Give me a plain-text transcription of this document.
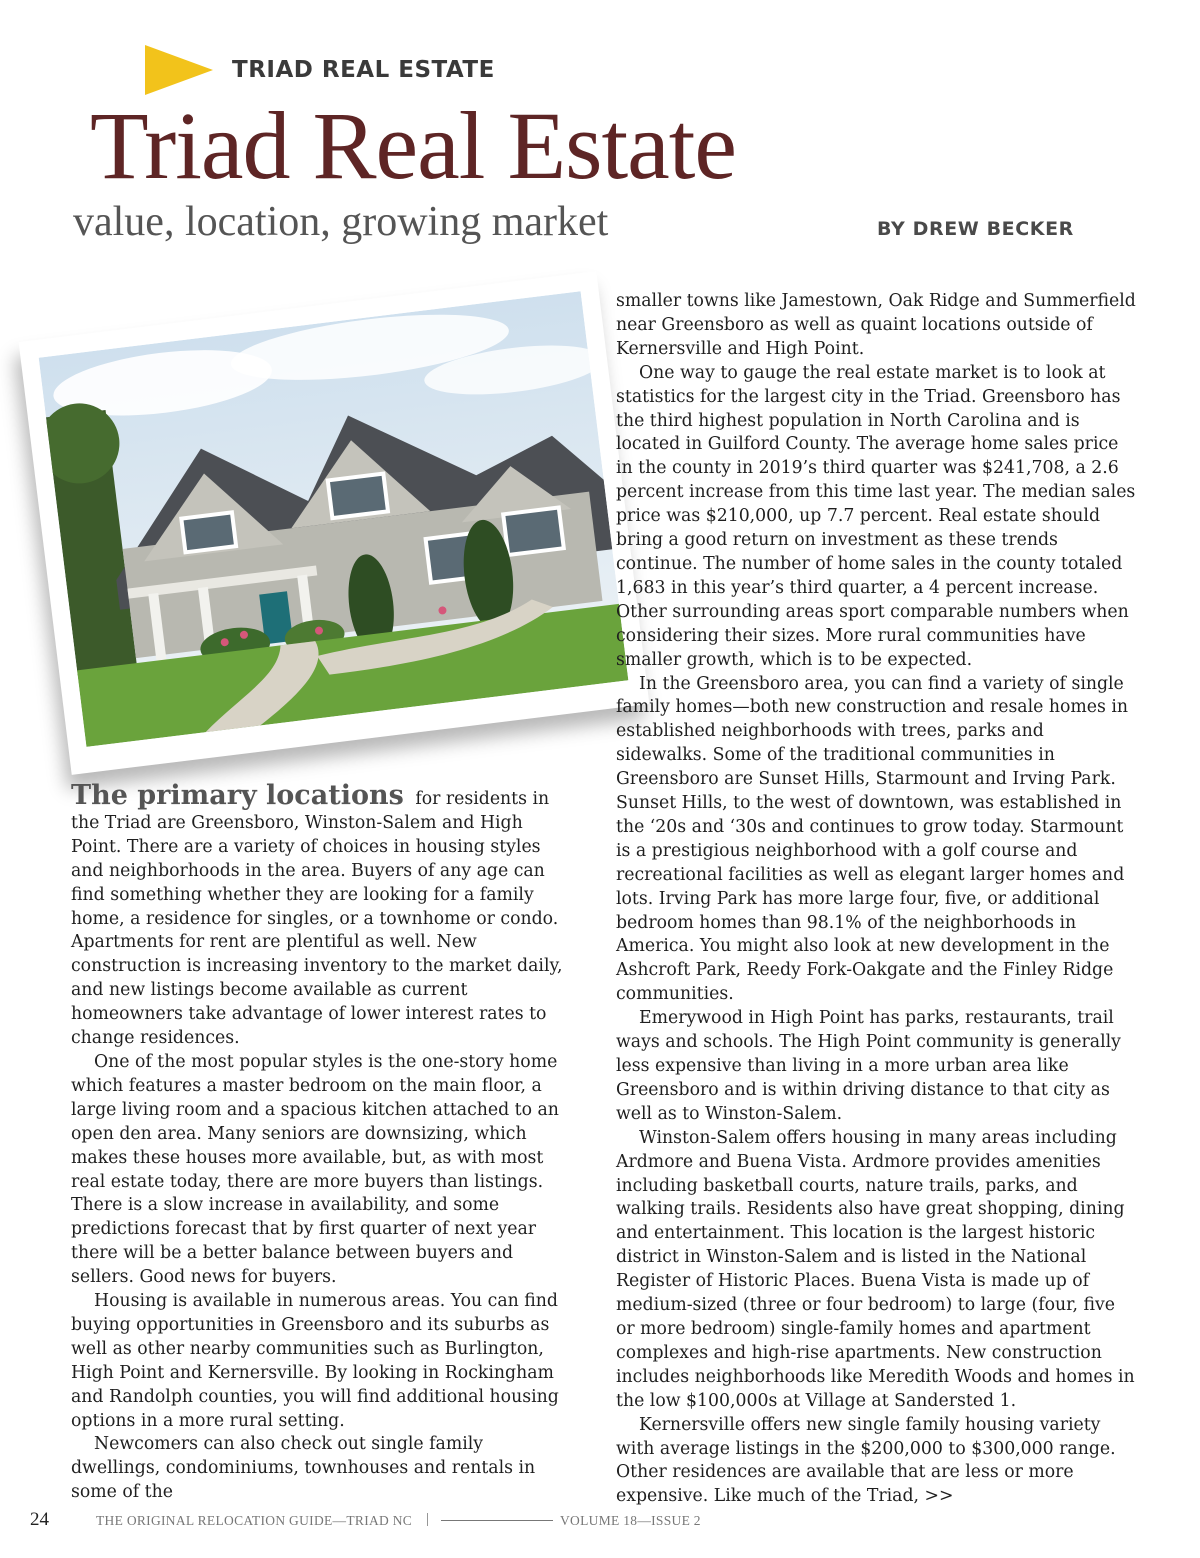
TRIAD REAL ESTATE
Triad Real Estate
value, location, growing market	BY DREW BECKER

The primary locations for residents in the Triad are Greensboro, Winston-Salem and High Point. There are a variety of choices in housing styles and neighborhoods in the area. Buyers of any age can find something whether they are looking for a family home, a residence for singles, or a townhome or condo. Apartments for rent are plentiful as well. New construction is increasing inventory to the market daily, and new listings become available as current homeowners take advantage of lower interest rates to change residences.

One of the most popular styles is the one-story home which features a master bedroom on the main floor, a large living room and a spacious kitchen attached to an open den area. Many seniors are downsizing, which makes these houses more available, but, as with most real estate today, there are more buyers than listings. There is a slow increase in availability, and some predictions forecast that by first quarter of next year there will be a better balance between buyers and sellers. Good news for buyers.

Housing is available in numerous areas. You can find buying opportunities in Greensboro and its suburbs as well as other nearby communities such as Burlington, High Point and Kernersville. By looking in Rockingham and Randolph counties, you will find additional housing options in a more rural setting.

Newcomers can also check out single family dwellings, condominiums, townhouses and rentals in some of the

smaller towns like Jamestown, Oak Ridge and Summerfield near Greensboro as well as quaint locations outside of Kernersville and High Point.

One way to gauge the real estate market is to look at statistics for the largest city in the Triad. Greensboro has the third highest population in North Carolina and is located in Guilford County. The average home sales price in the county in 2019’s third quarter was $241,708, a 2.6 percent increase from this time last year. The median sales price was $210,000, up 7.7 percent. Real estate should bring a good return on investment as these trends continue. The number of home sales in the county totaled 1,683 in this year’s third quarter, a 4 percent increase. Other surrounding areas sport comparable numbers when considering their sizes. More rural communities have smaller growth, which is to be expected.

In the Greensboro area, you can find a variety of single family homes—both new construction and resale homes in established neighborhoods with trees, parks and sidewalks. Some of the traditional communities in Greensboro are Sunset Hills, Starmount and Irving Park. Sunset Hills, to the west of downtown, was established in the ‘20s and ‘30s and continues to grow today. Starmount is a prestigious neighborhood with a golf course and recreational facilities as well as elegant larger homes and lots. Irving Park has more large four, five, or additional bedroom homes than 98.1% of the neighborhoods in America. You might also look at new development in the Ashcroft Park, Reedy Fork-Oakgate and the Finley Ridge communities.

Emerywood in High Point has parks, restaurants, trail ways and schools. The High Point community is generally less expensive than living in a more urban area like Greensboro and is within driving distance to that city as well as to Winston-Salem.

Winston-Salem offers housing in many areas including Ardmore and Buena Vista. Ardmore provides amenities including basketball courts, nature trails, parks, and walking trails. Residents also have great shopping, dining and entertainment. This location is the largest historic district in Winston-Salem and is listed in the National Register of Historic Places. Buena Vista is made up of medium-sized (three or four bedroom) to large (four, five or more bedroom) single-family homes and apartment complexes and high-rise apartments. New construction includes neighborhoods like Meredith Woods and homes in the low $100,000s at Village at Sandersted 1.

Kernersville offers new single family housing variety with average listings in the $200,000 to $300,000 range. Other residences are available that are less or more expensive. Like much of the Triad, >>

24	THE ORIGINAL RELOCATION GUIDE—TRIAD NC |	VOLUME 18—ISSUE 2
